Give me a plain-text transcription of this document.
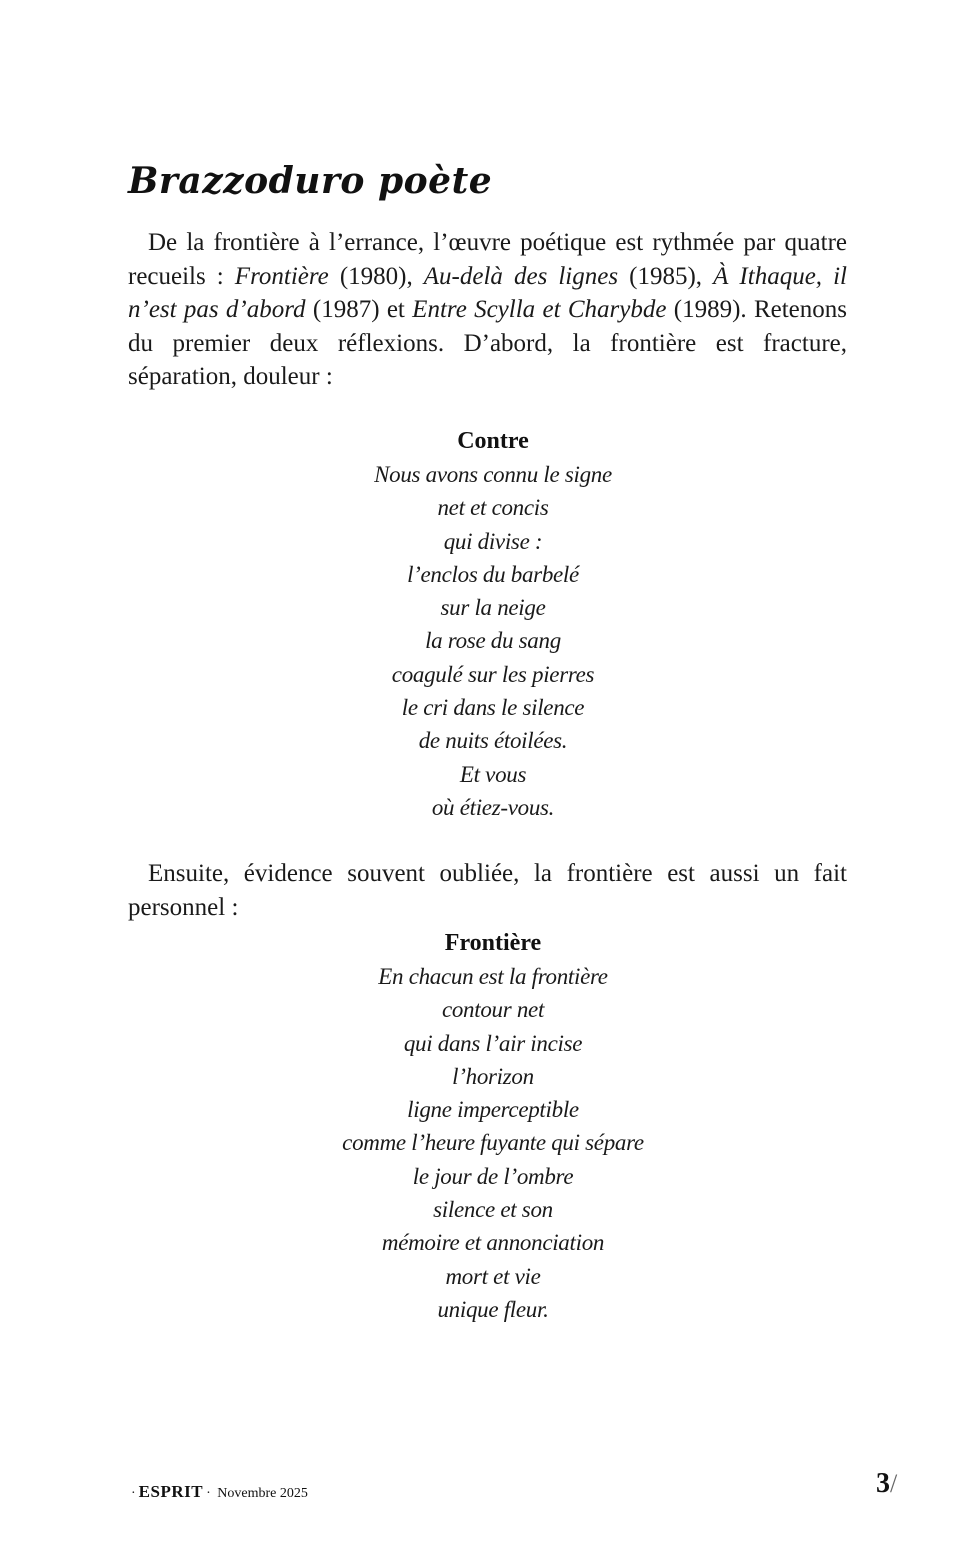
Brazzoduro poète

De la frontière à l’errance, l’œuvre poétique est rythmée par quatre recueils : Frontière (1980), Au-delà des lignes (1985), À Ithaque, il n’est pas d’abord (1987) et Entre Scylla et Charybde (1989). Retenons du premier deux réflexions. D’abord, la frontière est fracture, séparation, douleur :

Contre

Nous avons connu le signe

net et concis

qui divise :

l’enclos du barbelé

sur la neige

la rose du sang

coagulé sur les pierres

le cri dans le silence

de nuits étoilées.

Et vous

où étiez-vous.

Ensuite, évidence souvent oubliée, la frontière est aussi un fait personnel :

Frontière

En chacun est la frontière

contour net

qui dans l’air incise

l’horizon

ligne imperceptible

comme l’heure fuyante qui sépare

le jour de l’ombre

silence et son

mémoire et annonciation

mort et vie

unique fleur.

· ESPRIT · Novembre 2025	3/
